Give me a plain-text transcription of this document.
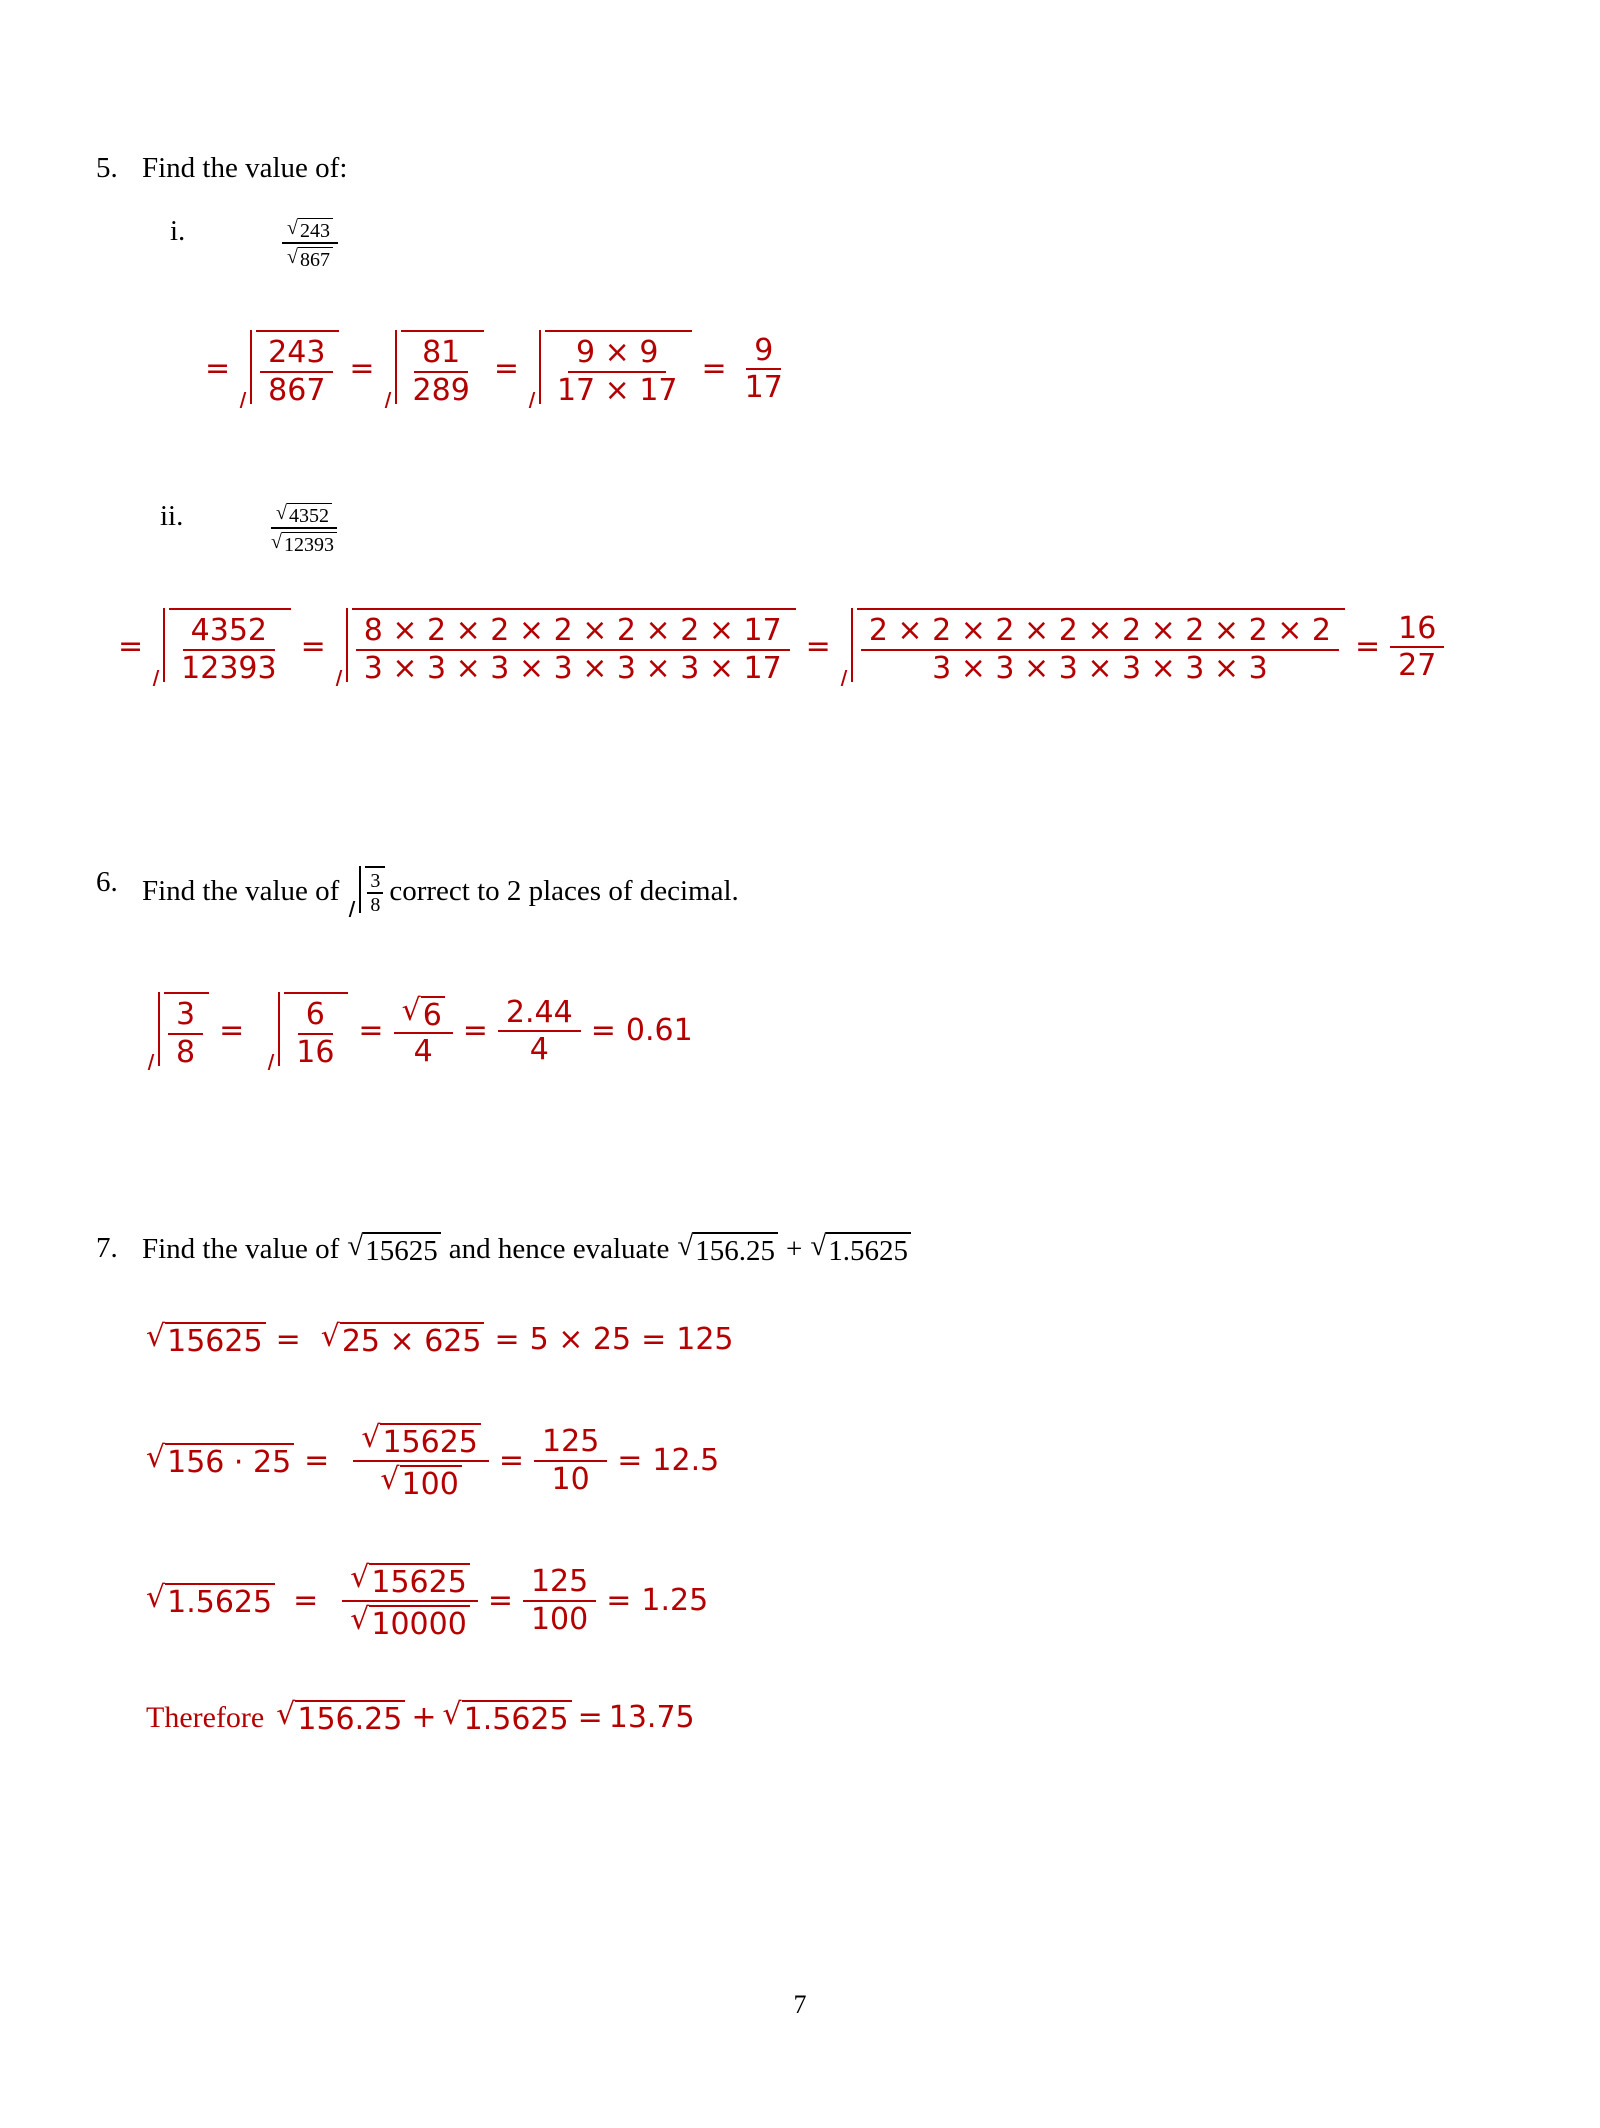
5. Find the value of:
i.	$\frac{√ 243}{√ 867}$
=	$\frac{243}{867}$ =	$\frac{81}{289}$ =	$\frac{9 \times 9}{17 \times 17} = \frac{9}{17}$
ii.	$\frac{√ 4352}{√ 12393}$
=	$\frac{4352}{12393}$ =	$\frac{8 \times 2 \times 2 \times 2 \times 2 \times 2 \times 17}{3 \times 3 \times 3 \times 3 \times 3 \times 3 \times 17}$ =	$\frac{2 \times 2 \times 2 \times 2 \times 2 \times 2 \times 2 \times 2}{3 \times 3 \times 3 \times 3 \times 3 \times 3} = \frac{16}{27}$
6. Find the value of $\frac{3}{8}$ correct to 2 places of decimal.
$\frac{3}{8}$ =	$\frac{6}{16} = \frac{√ 6}{4} = \frac{2.44}{4} = 0.61$
7. Find the value of √ 15625 and hence evaluate √ 156.25 + √ 1.5625
√ 15625 = √ 25 × 625 = 5 × 25 = 125
√ $156 \cdot 25 = \frac{√ 15625}{√ 100} = \frac{125}{10} = 12.5$
√ $1.5625 = \frac{√ 15625}{√ 10000} = \frac{125}{100} = 1.25$
Therefore √ 156.25 + √ 1.5625 = 13.75
7
